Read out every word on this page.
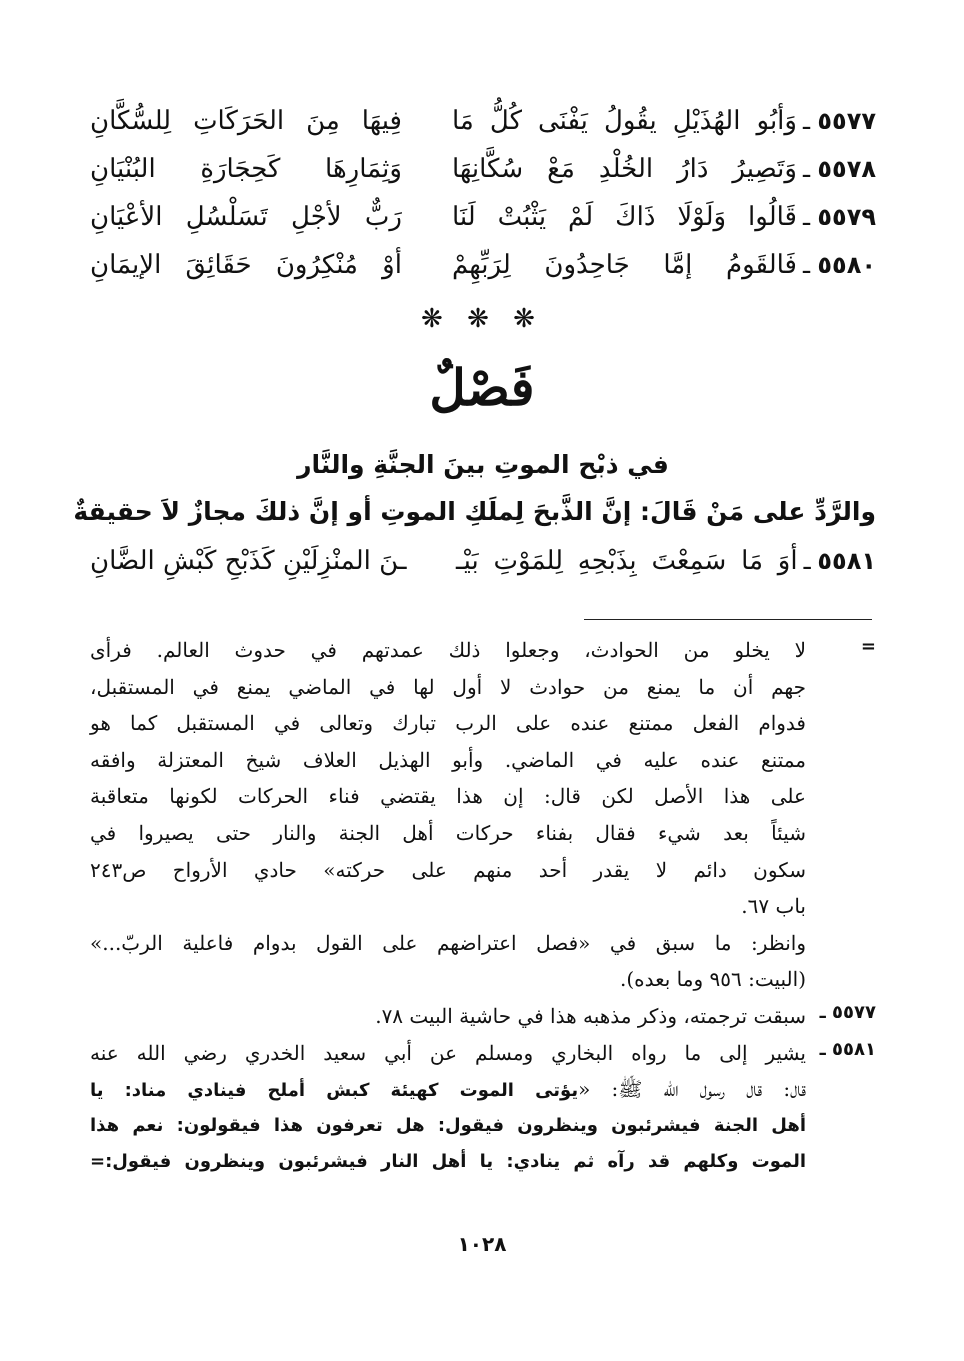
٥٥٧٧
ـ
وَأبُو الهُذَيْلِ يقُولُ يَفْنَى كُلُّ مَا
فِيهَا مِنَ الحَرَكَاتِ لِلسُّكَّانِ
٥٥٧٨
ـ
وَتَصِيرُ دَارُ الخُلْدِ مَعْ سُكَّانِهَا
وَثِمَارِهَا كَحِجَارَةِ البُنْيَانِ
٥٥٧٩
ـ
قَالُوا وَلَوْلَا ذَاكَ لَمْ يَثْبُتْ لَنَا
رَبٌّ لأجْلِ تَسَلْسُلِ الأعْيَانِ
٥٥٨٠
ـ
فَالقَومُ إمَّا جَاحِدُونَ لِرَبِّهِمْ
أوْ مُنْكِرُونَ حَقَائِقَ الإيمَانِ
❋ ❋ ❋
فَصْلٌ
في ذبْح الموتِ بينَ الجنَّةِ والنَّار
والرَّدِّ على مَنْ قَالَ: إنَّ الذَّبحَ لِملَكِ الموتِ أو إنَّ ذلكَ مجازٌ لاَ حقيقةٌ
٥٥٨١
ـ
أوَ مَا سَمِعْتَ بِذَبْحِهِ لِلمَوْتِ بَيْـ
ـنَ المنْزِلَيْنِ كَذَبْحِ كَبْشِ الضَّانِ
=
لا يخلو من الحوادث، وجعلوا ذلك عمدتهم في حدوث العالم. فرأى
جهم أن ما يمنع من حوادث لا أول لها في الماضي يمنع في المستقبل،
فدوام الفعل ممتنع عنده على الرب تبارك وتعالى في المستقبل كما هو
ممتنع عنده عليه في الماضي. وأبو الهذيل العلاف شيخ المعتزلة وافقه
على هذا الأصل لكن قال: إن هذا يقتضي فناء الحركات لكونها متعاقبة
شيئاً بعد شيء فقال بفناء حركات أهل الجنة والنار حتى يصيروا في
سكون دائم لا يقدر أحد منهم على حركته» حادي الأرواح ص٢٤٣
باب ٦٧.
وانظر: ما سبق في «فصل اعتراضهم على القول بدوام فاعلية الربّ...»
(البيت: ٩٥٦ وما بعده).
٥٥٧٧ ـ
سبقت ترجمته، وذكر مذهبه هذا في حاشية البيت ٧٨.
٥٥٨١ ـ
يشير إلى ما رواه البخاري ومسلم عن أبي سعيد الخدري رضي الله عنه
قال: قال رسول الله ﷺ: «يؤتى الموت كهيئة كبش أملح فينادي مناد: يا
أهل الجنة فيشرئبون وينظرون فيقول: هل تعرفون هذا فيقولون: نعم هذا
الموت وكلهم قد رآه ثم ينادي: يا أهل النار فيشرئبون وينظرون فيقول:=
١٠٢٨
